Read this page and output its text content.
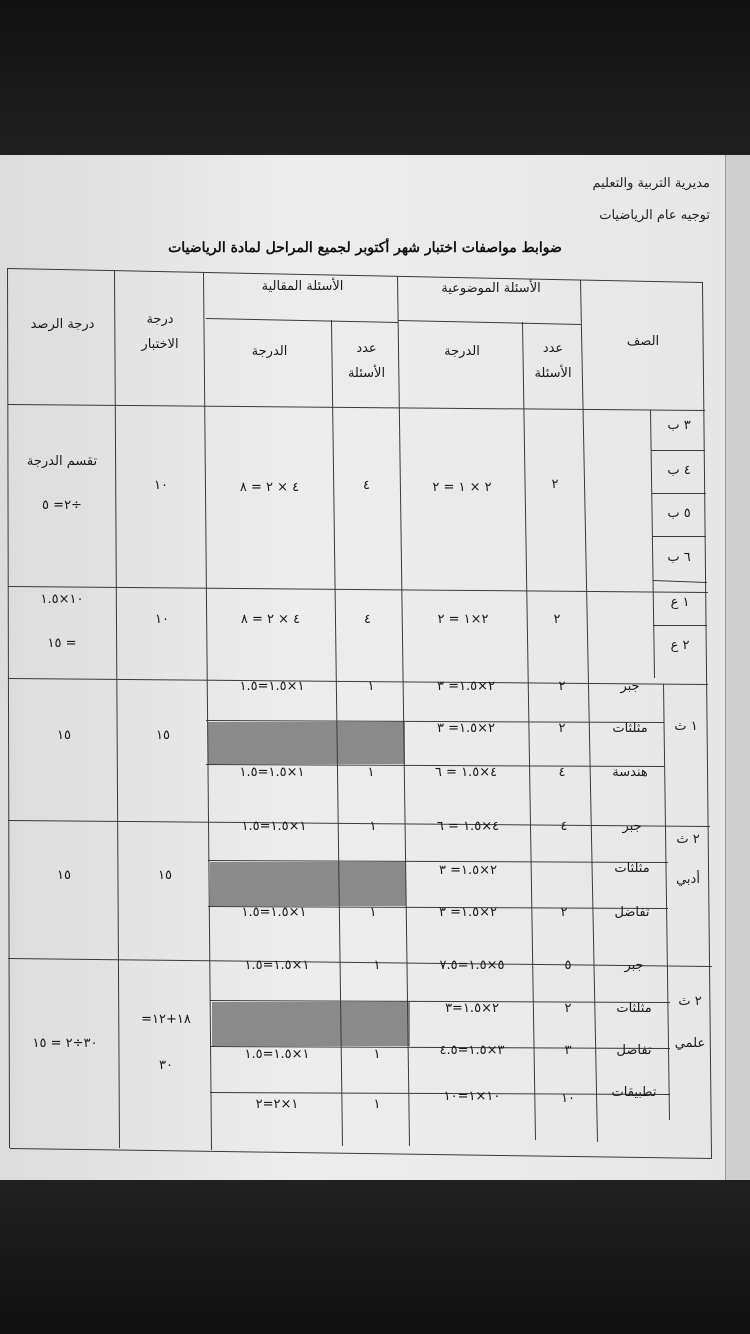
مديرية التربية والتعليم
توجيه عام الرياضيات
ضوابط مواصفات اختبار شهر أكتوبر لجميع المراحل لمادة الرياضيات
الصف
الأسئلة الموضوعية
الأسئلة المقالية
عدد الأسئلة
الدرجة
عدد الأسئلة
الدرجة
درجة الاختبار
درجة الرصد
٣ ب
٤ ب
٥ ب
٦ ب
٢
٢ × ١ = ٢
٤
٤ × ٢ = ٨
١٠
تقسم الدرجة
÷٢= ٥
١ ع
٢ ع
٢
٢×١ = ٢
٤
٤ × ٢ = ٨
١٠
١٠×١.٥
= ١٥
١ ث
جبر
مثلثات
هندسة
٢
٢
٤
٢×١.٥= ٣
٢×١.٥= ٣
٤×١.٥ = ٦
١
١
١×١.٥=١.٥
١×١.٥=١.٥
١٥
١٥
٢ ث
أدبي
جبر
مثلثات
تفاضل
٤
٢
٤×١.٥ = ٦
٢×١.٥= ٣
٢×١.٥= ٣
١
١
١×١.٥=١.٥
١×١.٥=١.٥
١٥
١٥
٢ ث
علمي
جبر
مثلثات
تفاضل
تطبيقات
٥
٢
٣
١٠
٥×١.٥=٧.٥
٢×١.٥=٣
٣×١.٥=٤.٥
١٠×١=١٠
١
١
١
١×١.٥=١.٥
١×١.٥=١.٥
١×٢=٢
١٨+١٢=
٣٠
٣٠÷٢ = ١٥
